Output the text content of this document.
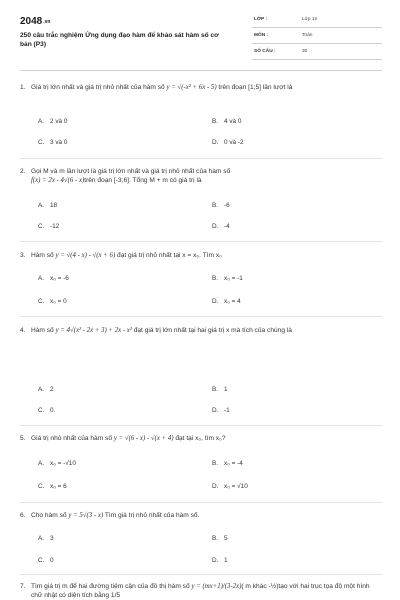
$2048^{.vn}$
250 câu trắc nghiệm Ứng dụng đạo hàm để khảo sát hàm số cơ bản (P3)
LỚP :	Lớp 12
MÔN :	Toán
SỐ CÂU :	30
1. Giá trị lớn nhất và giá trị nhỏ nhất của hàm số y = √(-x² + 6x - 5) trên đoạn [1;5] lần lượt là
A. 2 và 0	B. 4 và 0
C. 3 và 0	D. 0 và -2
2. Gọi M và m lần lượt là giá trị lớn nhất và giá trị nhỏ nhất của hàm số
f(x) = 2x - 4√(6 - x)trên đoạn [-3;6]. Tổng M + m có giá trị là
A. 18	B. -6
C. -12	D. -4
3. Hàm số y = √(4 - x) - √(x + 6) đạt giá trị nhỏ nhất tại x = x₀. Tìm x₀
A. x₀ = -6	B. x₀ = -1
C. x₀ = 0	D. x₀ = 4
4. Hàm số y = 4√(x² - 2x + 3) + 2x - x² đạt giá trị lớn nhất tại hai giá trị x mà tích của chúng là
A. 2	B. 1
C. 0.	D. -1
5. Giá trị nhỏ nhất của hàm số y = √(6 - x) - √(x + 4) đạt tại x₀, tìm x₀?
A. x₀ = -√10	B. x₀ = -4
C. x₀ = 6	D. x₀ = √10
6. Cho hàm số y = 5√(3 - x) Tìm giá trị nhỏ nhất của hàm số.
A. 3	B. 5
C. 0	D. 1
7. Tìm giá trị m để hai đường tiệm cận của đồ thị hàm số y = (mx+1)/(3-2x)( m khác -½)tạo với hai trục tọa độ một hình chữ nhật có diện tích bằng 1/5
